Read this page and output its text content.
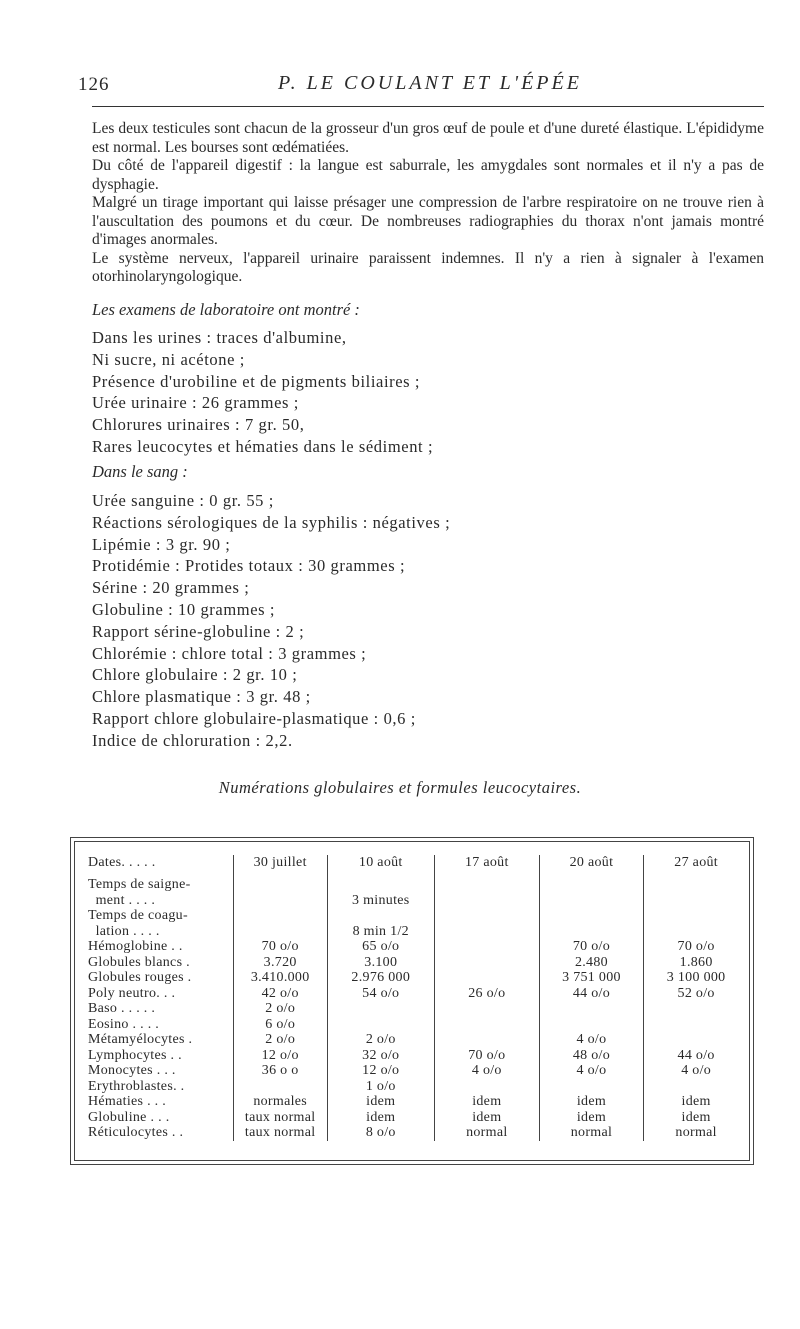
126	P. LE COULANT ET L'ÉPÉE

Les deux testicules sont chacun de la grosseur d'un gros œuf de poule et d'une dureté élastique. L'épididyme est normal. Les bourses sont œdématiées.

Du côté de l'appareil digestif : la langue est saburrale, les amygdales sont normales et il n'y a pas de dysphagie.

Malgré un tirage important qui laisse présager une compression de l'arbre respiratoire on ne trouve rien à l'auscultation des poumons et du cœur. De nombreuses radiographies du thorax n'ont jamais montré d'images anormales.

Le système nerveux, l'appareil urinaire paraissent indemnes. Il n'y a rien à signaler à l'examen otorhinolaryngologique.

Les examens de laboratoire ont montré :
Dans les urines : traces d'albumine,
Ni sucre, ni acétone ;
Présence d'urobiline et de pigments biliaires ;
Urée urinaire : 26 grammes ;
Chlorures urinaires : 7 gr. 50,
Rares leucocytes et hématies dans le sédiment ;
Dans le sang :
Urée sanguine : 0 gr. 55 ;
Réactions sérologiques de la syphilis : négatives ;
Lipémie : 3 gr. 90 ;
Protidémie : Protides totaux : 30 grammes ;
Sérine : 20 grammes ;
Globuline : 10 grammes ;
Rapport sérine-globuline : 2 ;
Chlorémie : chlore total : 3 grammes ;
Chlore globulaire : 2 gr. 10 ;
Chlore plasmatique : 3 gr. 48 ;
Rapport chlore globulaire-plasmatique : 0,6 ;
Indice de chloruration : 2,2.
Numérations globulaires et formules leucocytaires.
Dates. . . . .	30 juillet	10 août	17 août	20 août	27 août
Temps de saigne-					
ment . . . .		3 minutes			
Temps de coagu-					
lation . . . .		8 min 1/2			
Hémoglobine . .	70 o/o	65 o/o		70 o/o	70 o/o
Globules blancs .	3.720	3.100		2.480	1.860
Globules rouges .	3.410.000	2.976 000		3 751 000	3 100 000
Poly neutro. . .	42 o/o	54 o/o	26 o/o	44 o/o	52 o/o
Baso . . . . .	2 o/o				
Eosino . . . .	6 o/o				
Métamyélocytes .	2 o/o	2 o/o		4 o/o	
Lymphocytes . .	12 o/o	32 o/o	70 o/o	48 o/o	44 o/o
Monocytes . . .	36 o o	12 o/o	4 o/o	4 o/o	4 o/o
Erythroblastes. .		1 o/o			
Hématies . . .	normales	idem	idem	idem	idem
Globuline . . .	taux normal	idem	idem	idem	idem
Réticulocytes . .	taux normal	8 o/o	normal	normal	normal
